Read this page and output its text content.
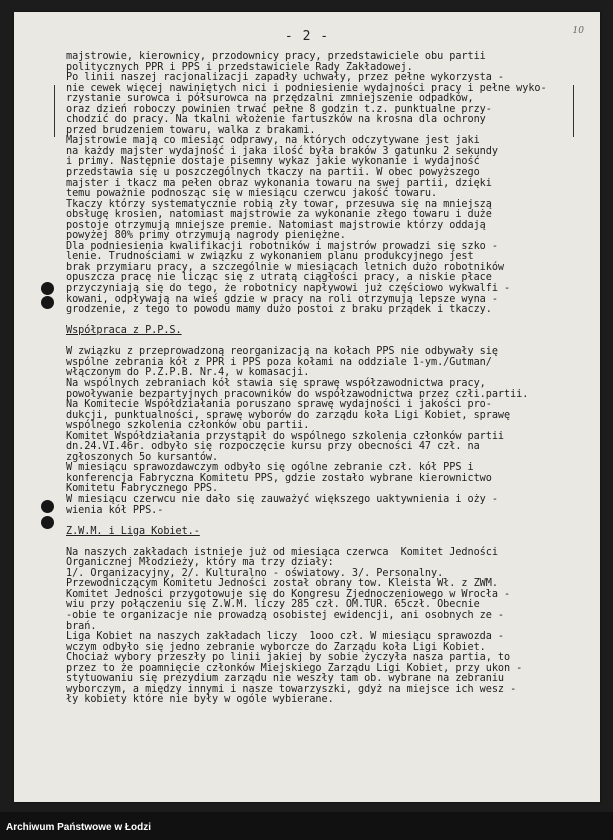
- 2 -	10
majstrowie, kierownicy, przodownicy pracy, przedstawiciele obu partii
politycznych PPR i PPS i przedstawiciele Rady Zakładowej.
Po linii naszej racjonalizacji zapadły uchwały, przez pełne wykorzysta -
nie cewek więcej nawiniętych nici i podniesienie wydajności pracy i pełne wyko-
rzystanie surowca i półsurowca na przędzalni zmniejszenie odpadków,
oraz dzień roboczy powinien trwać pełne 8 godzin t.z. punktualne przy-
chodzić do pracy. Na tkalni włożenie fartuszków na krosna dla ochrony
przed brudzeniem towaru, walka z brakami.
Majstrowie mają co miesiąc odprawy, na których odczytywane jest jaki
na każdy majster wydajność i jaka ilość była braków 3 gatunku 2 sekundy
i primy. Następnie dostaje pisemny wykaz jakie wykonanie i wydajność
przedstawia się u poszczególnych tkaczy na partii. W obec powyższego
majster i tkacz ma pełen obraz wykonania towaru na swej partii, dzięki
temu poważnie podnosząc się w miesiącu czerwcu jakość towaru.
Tkaczy którzy systematycznie robią zły towar, przesuwa się na mniejszą
obsługę krosien, natomiast majstrowie za wykonanie złego towaru i duże
postoje otrzymują mniejsze premie. Natomiast majstrowie którzy oddają
powyżej 80% primy otrzymują nagrody pieniężne.
Dla podniesienia kwalifikacji robotników i majstrów prowadzi się szko -
lenie. Trudnościami w związku z wykonaniem planu produkcyjnego jest
brak przymiaru pracy, a szczególnie w miesiącach letnich dużo robotników
opuszcza pracę nie licząc się z utratą ciągłości pracy, a niskie płace
przyczyniają się do tego, że robotnicy napływowi już częściowo wykwalfi -
kowani, odpływają na wieś gdzie w pracy na roli otrzymują lepsze wyna -
grodzenie, z tego to powodu mamy dużo postoi z braku prządek i tkaczy.
Współpraca z P.P.S.
W związku z przeprowadzoną reorganizacją na kołach PPS nie odbywały się
wspólne zebrania kół z PPR i PPS poza kołami na oddziale 1-ym./Gutman/
włączonym do P.Z.P.B. Nr.4, w komasacji.
Na wspólnych zebraniach kół stawia się sprawę współzawodnictwa pracy,
powoływanie bezpartyjnych pracowników do współzawodnictwa przez człi.partii.
Na Komitecie Współdziałania poruszano sprawę wydajności i jakości pro-
dukcji, punktualności, sprawę wyborów do zarządu koła Ligi Kobiet, sprawę
wspólnego szkolenia członków obu partii.
Komitet Współdziałania przystąpił do wspólnego szkolenia członków partii
dn.24.VI.46r. odbyło się rozpoczęcie kursu przy obecności 47 czł. na
zgłoszonych 5o kursantów.
W miesiącu sprawozdawczym odbyło się ogólne zebranie czł. kół PPS i
konferencja Fabryczna Komitetu PPS, gdzie zostało wybrane kierownictwo
Komitetu Fabrycznego PPS.
W miesiącu czerwcu nie dało się zauważyć większego uaktywnienia i oży -
wienia kół PPS.-
Z.W.M. i Liga Kobiet.-
Na naszych zakładach istnieje już od miesiąca czerwca  Komitet Jedności
Organicznej Młodzieży, który ma trzy działy:
1/. Organizacyjny, 2/. Kulturalno - oświatowy. 3/. Personalny.
Przewodniczącym Komitetu Jedności został obrany tow. Kleista Wł. z ZWM.
Komitet Jedności przygotowuje się do Kongresu Zjednoczeniowego w Wrocła -
wiu przy połączeniu się Z.W.M. liczy 285 czł. OM.TUR. 65czł. Obecnie
-obie te organizacje nie prowadzą osobistej ewidencji, ani osobnych ze -
brań.
Liga Kobiet na naszych zakładach liczy  1ooo czł. W miesiącu sprawozda -
wczym odbyło się jedno zebranie wyborcze do Zarządu koła Ligi Kobiet.
Chociaż wybory przeszły po linii jakiej by sobie życzyła nasza partia, to
przez to że poamnięcie członków Miejskiego Zarządu Ligi Kobiet, przy ukon -
stytuowaniu się prezydium zarządu nie weszły tam ob. wybrane na zebraniu
wyborczym, a między innymi i nasze towarzyszki, gdyż na miejsce ich wesz -
ły kobiety które nie były w ogóle wybierane.
Archiwum Państwowe w Łodzi
